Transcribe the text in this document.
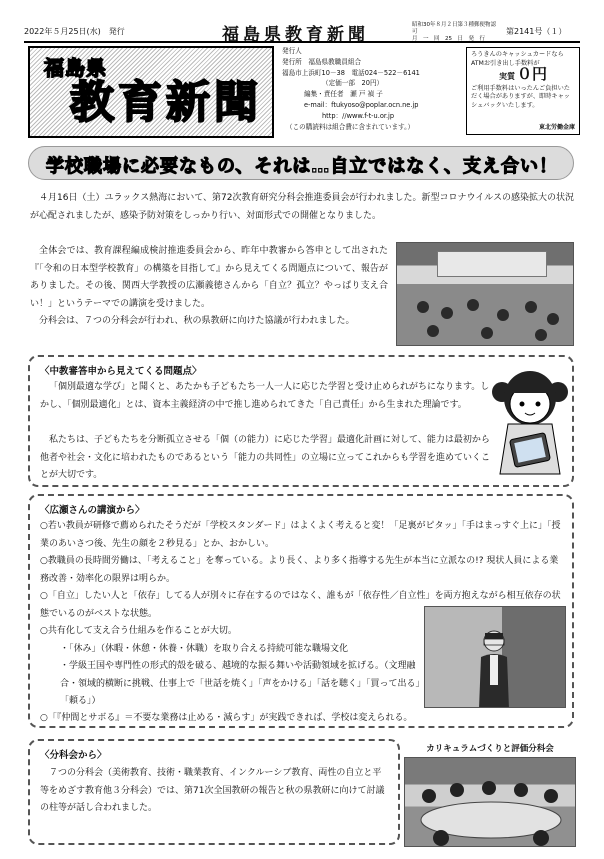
2022年５月25日(水)　発行	福島県教育新聞	昭和30年８月２日第３種郵便物認可
月　一　回　25　日　発　行
第2141号（１）
福島県
教育新聞
発行人
発行所　 福島県教職員組合
福島市上浜町10－38　電話024－522－6141
（定価一部　20円）
編集・責任者　瀬 戸 禎 子
e-mail：ftukyoso@poplar.ocn.ne.jp
http：//www.f-t-u.or.jp
（この購読料は組合費に含まれています。）
ろうきんのキャッシュカードなら
ATMお引き出し手数料が
実質 ０円
ご利用手数料はいったんご負担いただく場合がありますが、即時キャッシュバックいたします。
東北労働金庫
学校職場に必要なもの、それは…自立ではなく、支え合い！
４月16日（土）ユラックス熱海において、第72次教育研究分科会推進委員会が行われました。新型コロナウイルスの感染拡大の状況が心配されましたが、感染予防対策をしっかり行い、対面形式での開催となりました。
全体会では、教育課程編成検討推進委員会から、昨年中教審から答申として出された『「令和の日本型学校教育」の構築を目指して』から見えてくる問題点について、報告がありました。その後、関西大学教授の広瀬義徳さんから「自立？孤立？やっぱり支え合い！」というテーマでの講演を受けました。
分科会は、７つの分科会が行われ、秋の県教研に向けた協議が行われました。
〈中教審答申から見えてくる問題点〉
「個別最適な学び」と聞くと、あたかも子どもたち一人一人に応じた学習と受け止められがちになります。しかし、「個別最適化」とは、資本主義経済の中で推し進められてきた「自己責任」から生まれた理論です。
私たちは、子どもたちを分断孤立させる「個（の能力）に応じた学習」最適化計画に対して、能力は最初から他者や社会・文化に培われたものであるという「能力の共同性」の立場に立ってこれからも学習を進めていくことが大切です。
〈広瀬さんの講演から〉
○若い教員が研修で薦められたそうだが「学校スタンダード」はよくよく考えると変！「足裏がピタッ」「手はまっすぐ上に」「授業のあいさつ後、先生の顔を２秒見る」とか、おかしい。
○教職員の長時間労働は、「考えること」を奪っている。より長く、より多く指導する先生が本当に立派なの!? 現状人員による業務改善・効率化の限界は明らか。
○「自立」したい人と「依存」してる人が別々に存在するのではなく、誰もが「依存性／自立性」を両方抱えながら相互依存の状態でいるのがベストな状態。
○共有化して支え合う仕組みを作ることが大切。
・「休み」（休暇・休憩・休養・休職）を取り合える持続可能な職場文化
・学級王国や専門性の形式的殻を破る、越境的な振る舞いや活動領域を拡げる。（文理融合・領域的横断に挑戦、仕事上で「世話を焼く」「声をかける」「話を聴く」「買って出る」「頼る」）
○「『仲間とサボる』＝不要な業務は止める・減らす」が実践できれば、学校は変えられる。
〈分科会から〉
７つの分科会（美術教育、技術・職業教育、インクルーシブ教育、両性の自立と平等をめざす教育他３分科会）では、第71次全国教研の報告と秋の県教研に向けて討議の柱等が話し合われました。
カリキュラムづくりと評価分科会
